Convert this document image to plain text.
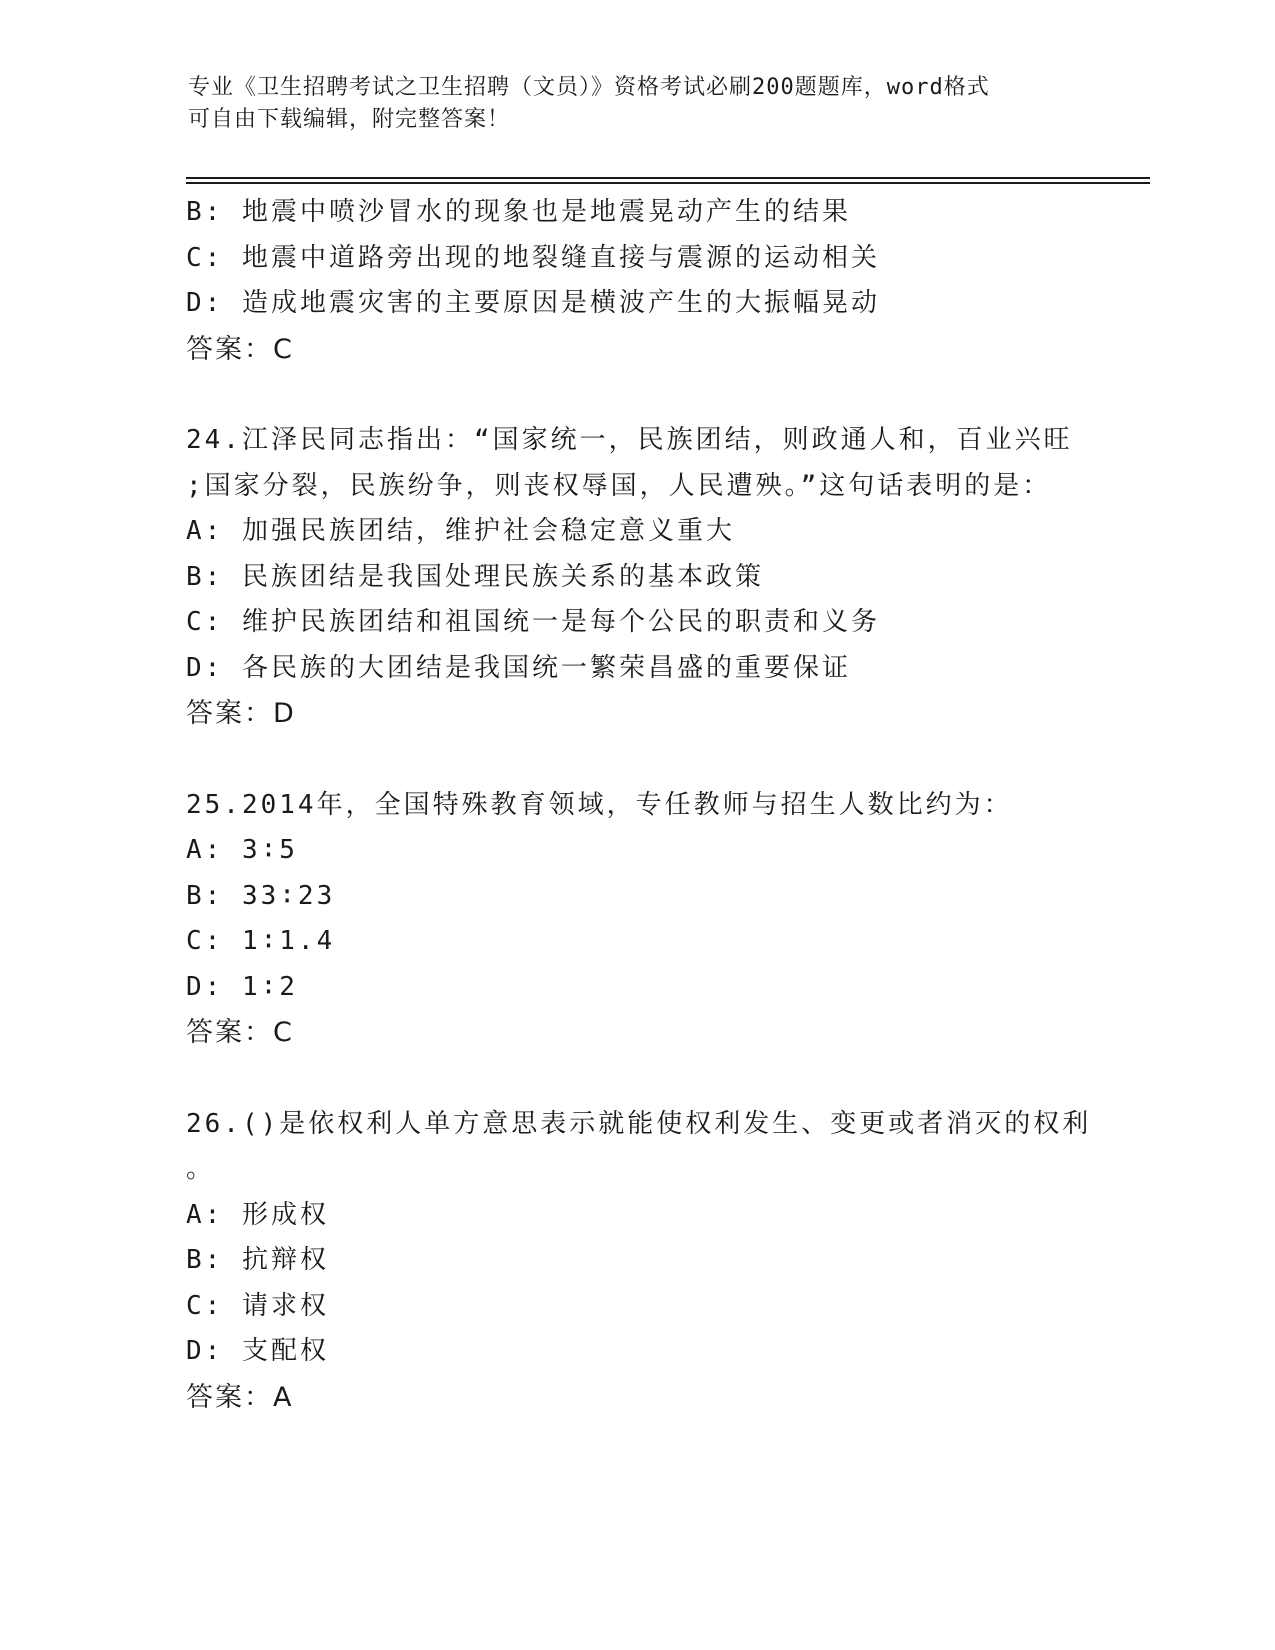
专业《卫生招聘考试之卫生招聘（文员）》资格考试必刷200题题库，word格式
可自由下载编辑，附完整答案！
B: 地震中喷沙冒水的现象也是地震晃动产生的结果
C: 地震中道路旁出现的地裂缝直接与震源的运动相关
D: 造成地震灾害的主要原因是横波产生的大振幅晃动
答案：C
24.江泽民同志指出：“国家统一，民族团结，则政通人和，百业兴旺
;国家分裂，民族纷争，则丧权辱国，人民遭殃。”这句话表明的是：
A: 加强民族团结，维护社会稳定意义重大
B: 民族团结是我国处理民族关系的基本政策
C: 维护民族团结和祖国统一是每个公民的职责和义务
D: 各民族的大团结是我国统一繁荣昌盛的重要保证
答案：D
25.2014年，全国特殊教育领域，专任教师与招生人数比约为：
A: 3∶5
B: 33∶23
C: 1∶1.4
D: 1∶2
答案：C
26.()是依权利人单方意思表示就能使权利发生、变更或者消灭的权利
。
A: 形成权
B: 抗辩权
C: 请求权
D: 支配权
答案：A
